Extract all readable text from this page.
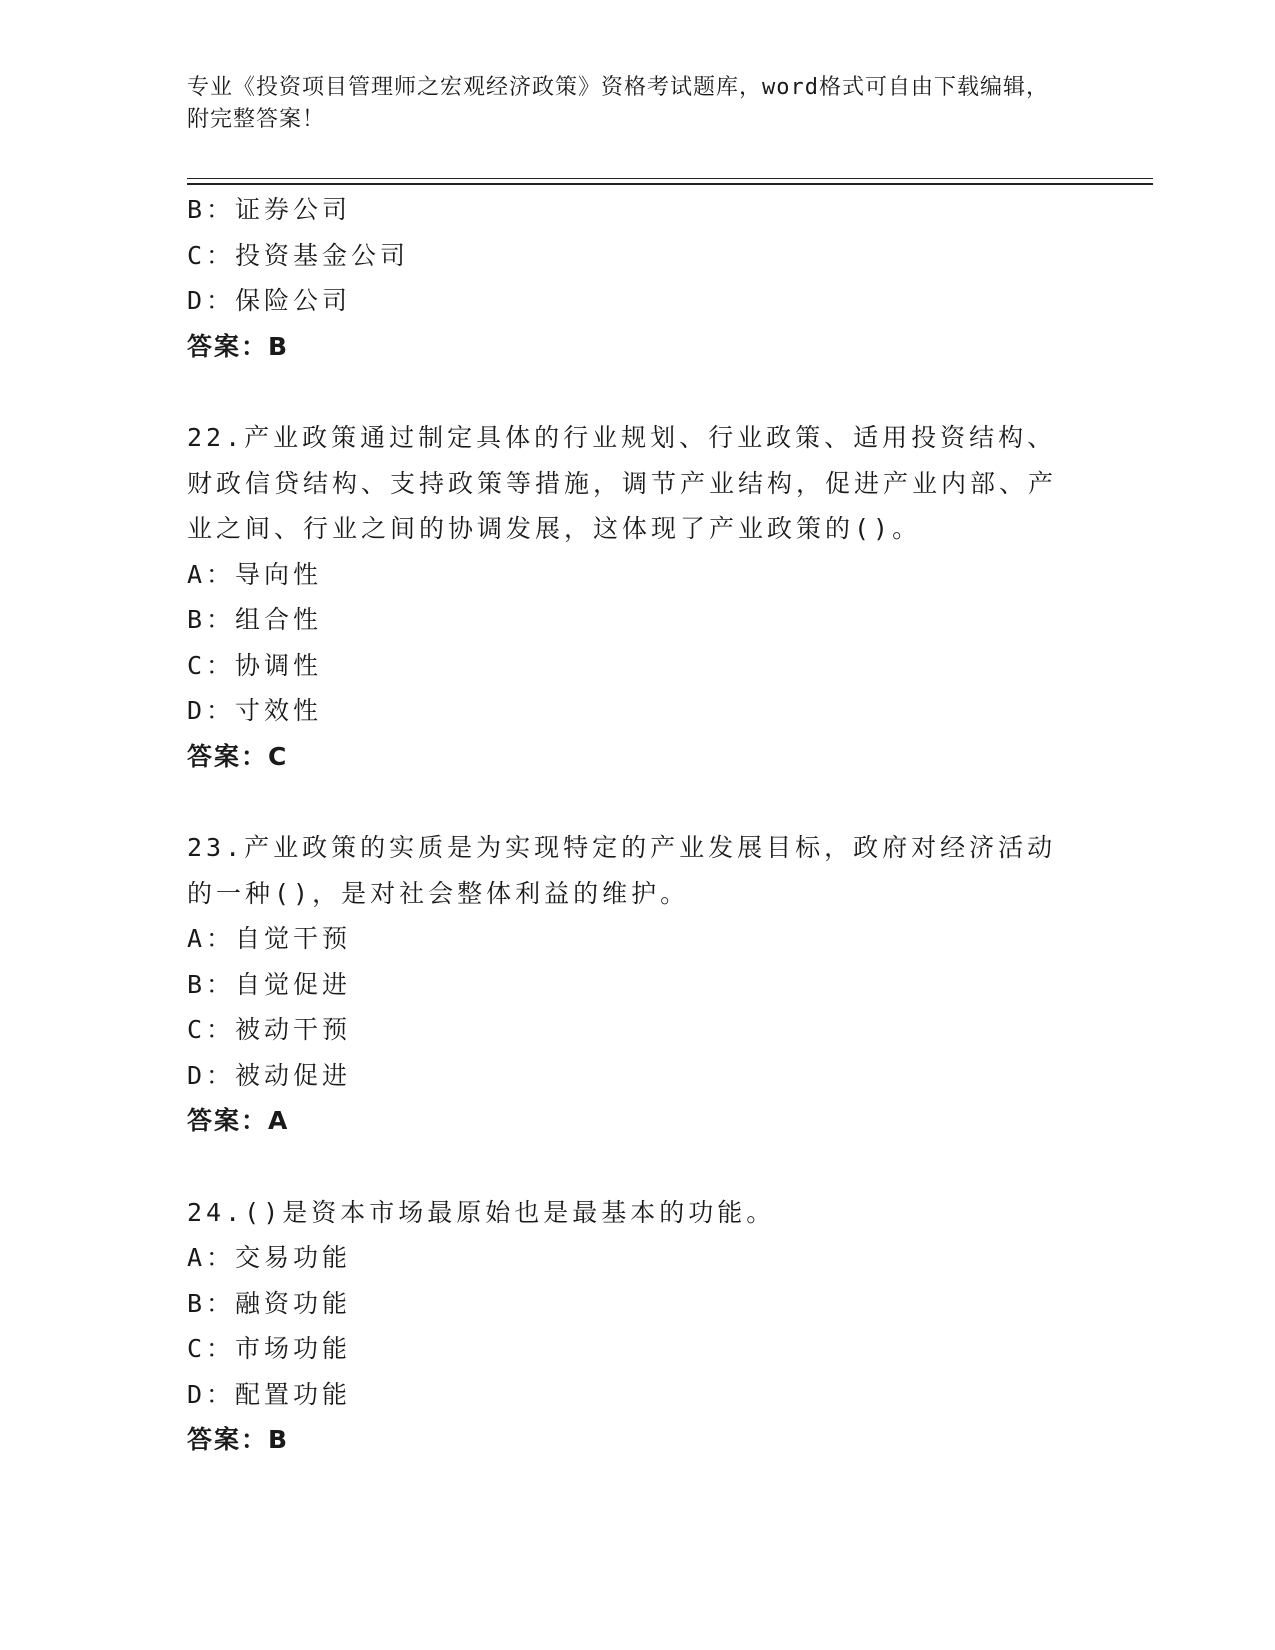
专业《投资项目管理师之宏观经济政策》资格考试题库，word格式可自由下载编辑，附完整答案！
B：证券公司
C：投资基金公司
D：保险公司
答案：B
22.产业政策通过制定具体的行业规划、行业政策、适用投资结构、财政信贷结构、支持政策等措施，调节产业结构，促进产业内部、产业之间、行业之间的协调发展，这体现了产业政策的()。
A：导向性
B：组合性
C：协调性
D：寸效性
答案：C
23.产业政策的实质是为实现特定的产业发展目标，政府对经济活动的一种()，是对社会整体利益的维护。
A：自觉干预
B：自觉促进
C：被动干预
D：被动促进
答案：A
24.()是资本市场最原始也是最基本的功能。
A：交易功能
B：融资功能
C：市场功能
D：配置功能
答案：B
